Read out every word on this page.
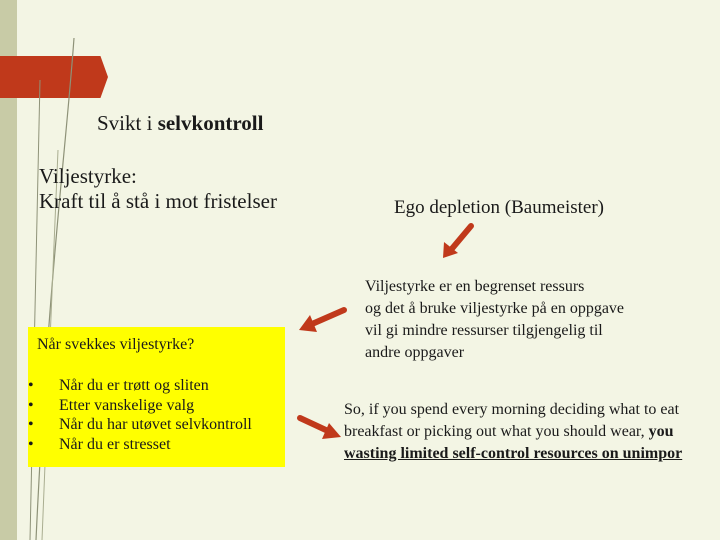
Svikt i selvkontroll
Viljestyrke:
Kraft til å stå i mot fristelser	Ego depletion (Baumeister)
Viljestyrke er en begrenset ressurs
og det å bruke viljestyrke på en oppgave
vil gi mindre ressurser tilgjengelig til
andre oppgaver
Når svekkes viljestyrke?
• Når du er trøtt og sliten
• Etter vanskelige valg
• Når du har utøvet selvkontroll
• Når du er stresset
So, if you spend every morning deciding what to eat
breakfast or picking out what you should wear, you
wasting limited self-control resources on unimpor
